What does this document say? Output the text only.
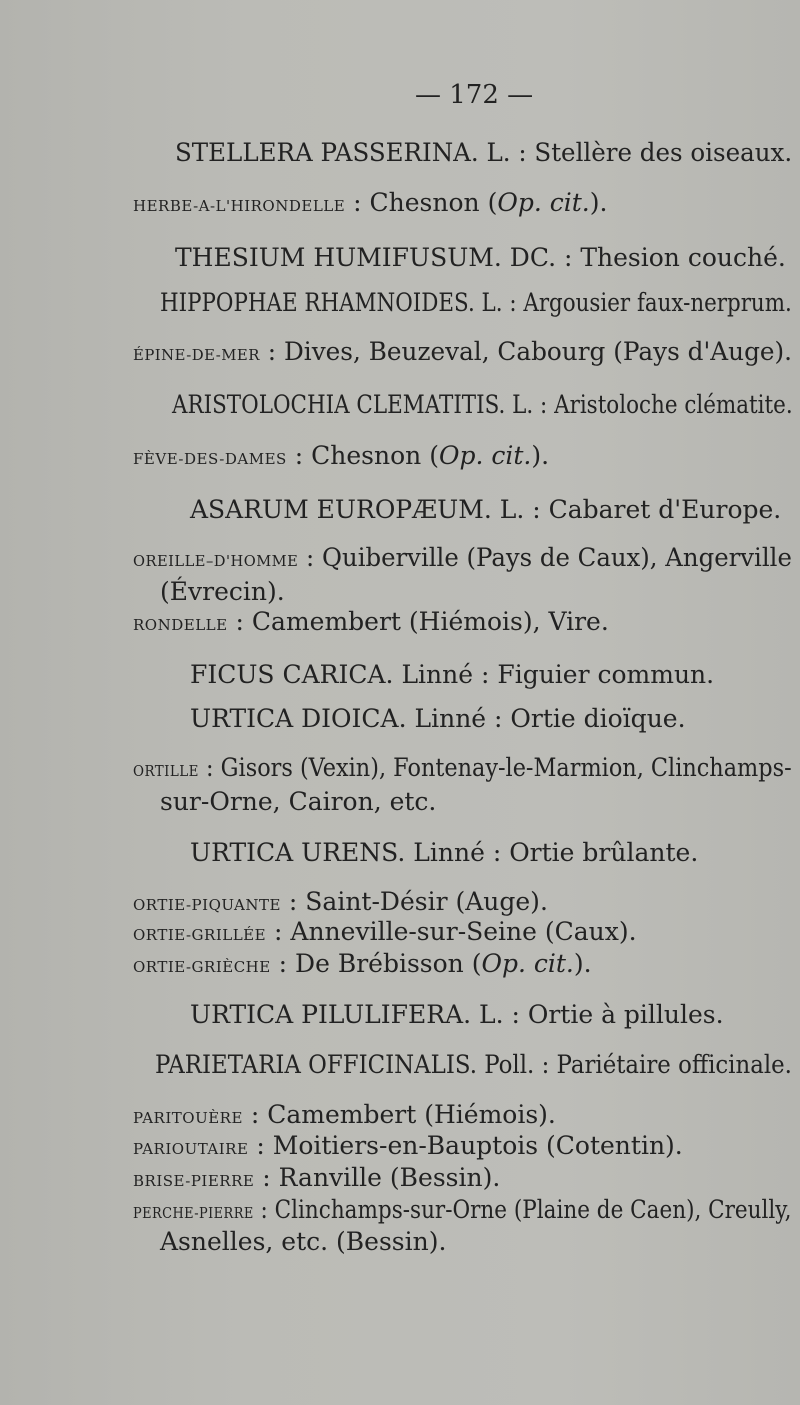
— 172 —
STELLERA PASSERINA. L. : Stellère des oiseaux.
HERBE-A-L'HIRONDELLE : Chesnon (Op. cit.).
THESIUM HUMIFUSUM. DC. : Thesion couché.
HIPPOPHAE RHAMNOIDES. L. : Argousier faux-nerprum.
ÉPINE-DE-MER : Dives, Beuzeval, Cabourg (Pays d'Auge).
ARISTOLOCHIA CLEMATITIS. L. : Aristoloche clématite.
FÈVE-DES-DAMES : Chesnon (Op. cit.).
ASARUM EUROPÆUM. L. : Cabaret d'Europe.
OREILLE–D'HOMME : Quiberville (Pays de Caux), Angerville
(Évrecin).
RONDELLE : Camembert (Hiémois), Vire.
FICUS CARICA. Linné : Figuier commun.
URTICA DIOICA. Linné : Ortie dioïque.
ORTILLE : Gisors (Vexin), Fontenay-le-Marmion, Clinchamps-
sur-Orne, Cairon, etc.
URTICA URENS. Linné : Ortie brûlante.
ORTIE-PIQUANTE : Saint-Désir (Auge).
ORTIE-GRILLÉE : Anneville-sur-Seine (Caux).
ORTIE-GRIÈCHE : De Brébisson (Op. cit.).
URTICA PILULIFERA. L. : Ortie à pillules.
PARIETARIA OFFICINALIS. Poll. : Pariétaire officinale.
PARITOUÈRE : Camembert (Hiémois).
PARIOUTAIRE : Moitiers-en-Bauptois (Cotentin).
BRISE-PIERRE : Ranville (Bessin).
PERCHE-PIERRE : Clinchamps-sur-Orne (Plaine de Caen), Creully,
Asnelles, etc. (Bessin).
